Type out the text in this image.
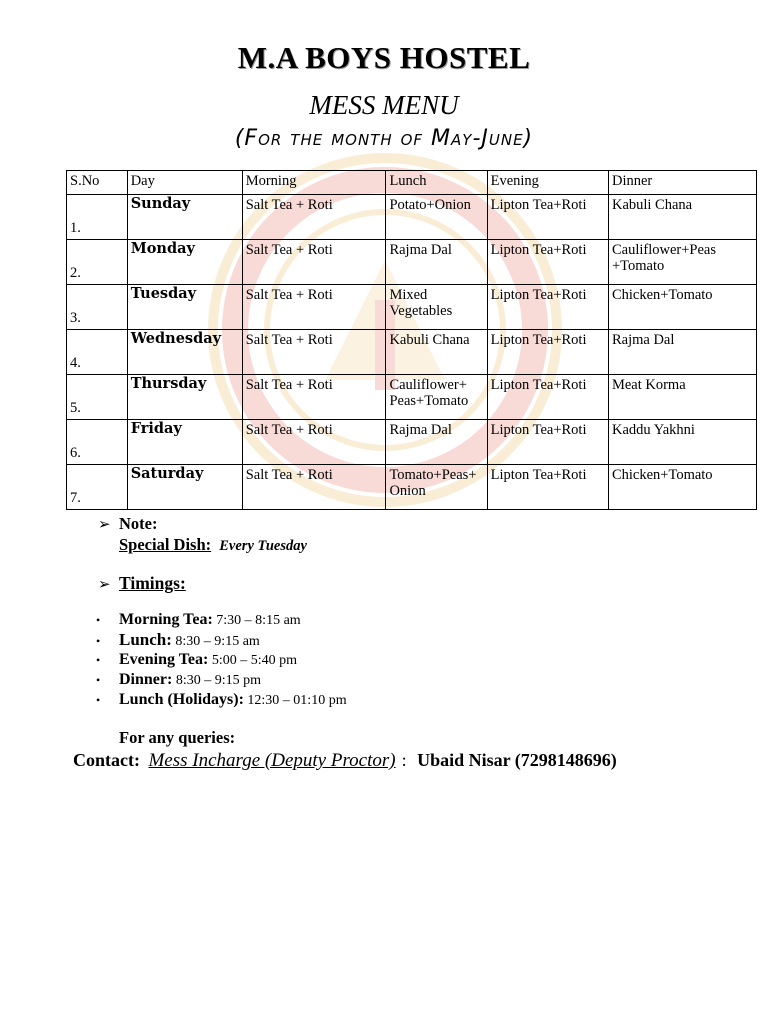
M.A BOYS HOSTEL
MESS MENU
(For the month of May-June)
S.No	Day	Morning	Lunch	Evening	Dinner
1.	Sunday	Salt Tea + Roti	Potato+Onion	Lipton Tea+Roti	Kabuli Chana
2.	Monday	Salt Tea + Roti	Rajma Dal	Lipton Tea+Roti	Cauliflower+Peas +Tomato
3.	Tuesday	Salt Tea + Roti	Mixed Vegetables	Lipton Tea+Roti	Chicken+Tomato
4.	Wednesday	Salt Tea + Roti	Kabuli Chana	Lipton Tea+Roti	Rajma Dal
5.	Thursday	Salt Tea + Roti	Cauliflower+ Peas+Tomato	Lipton Tea+Roti	Meat Korma
6.	Friday	Salt Tea + Roti	Rajma Dal	Lipton Tea+Roti	Kaddu Yakhni
7.	Saturday	Salt Tea + Roti	Tomato+Peas+ Onion	Lipton Tea+Roti	Chicken+Tomato
➢ Note:
Special Dish: Every Tuesday
➢ Timings:
• Morning Tea: 7:30 – 8:15 am
• Lunch: 8:30 – 9:15 am
• Evening Tea: 5:00 – 5:40 pm
• Dinner: 8:30 – 9:15 pm
• Lunch (Holidays): 12:30 – 01:10 pm
For any queries:
Contact: Mess Incharge (Deputy Proctor) : Ubaid Nisar (7298148696)
